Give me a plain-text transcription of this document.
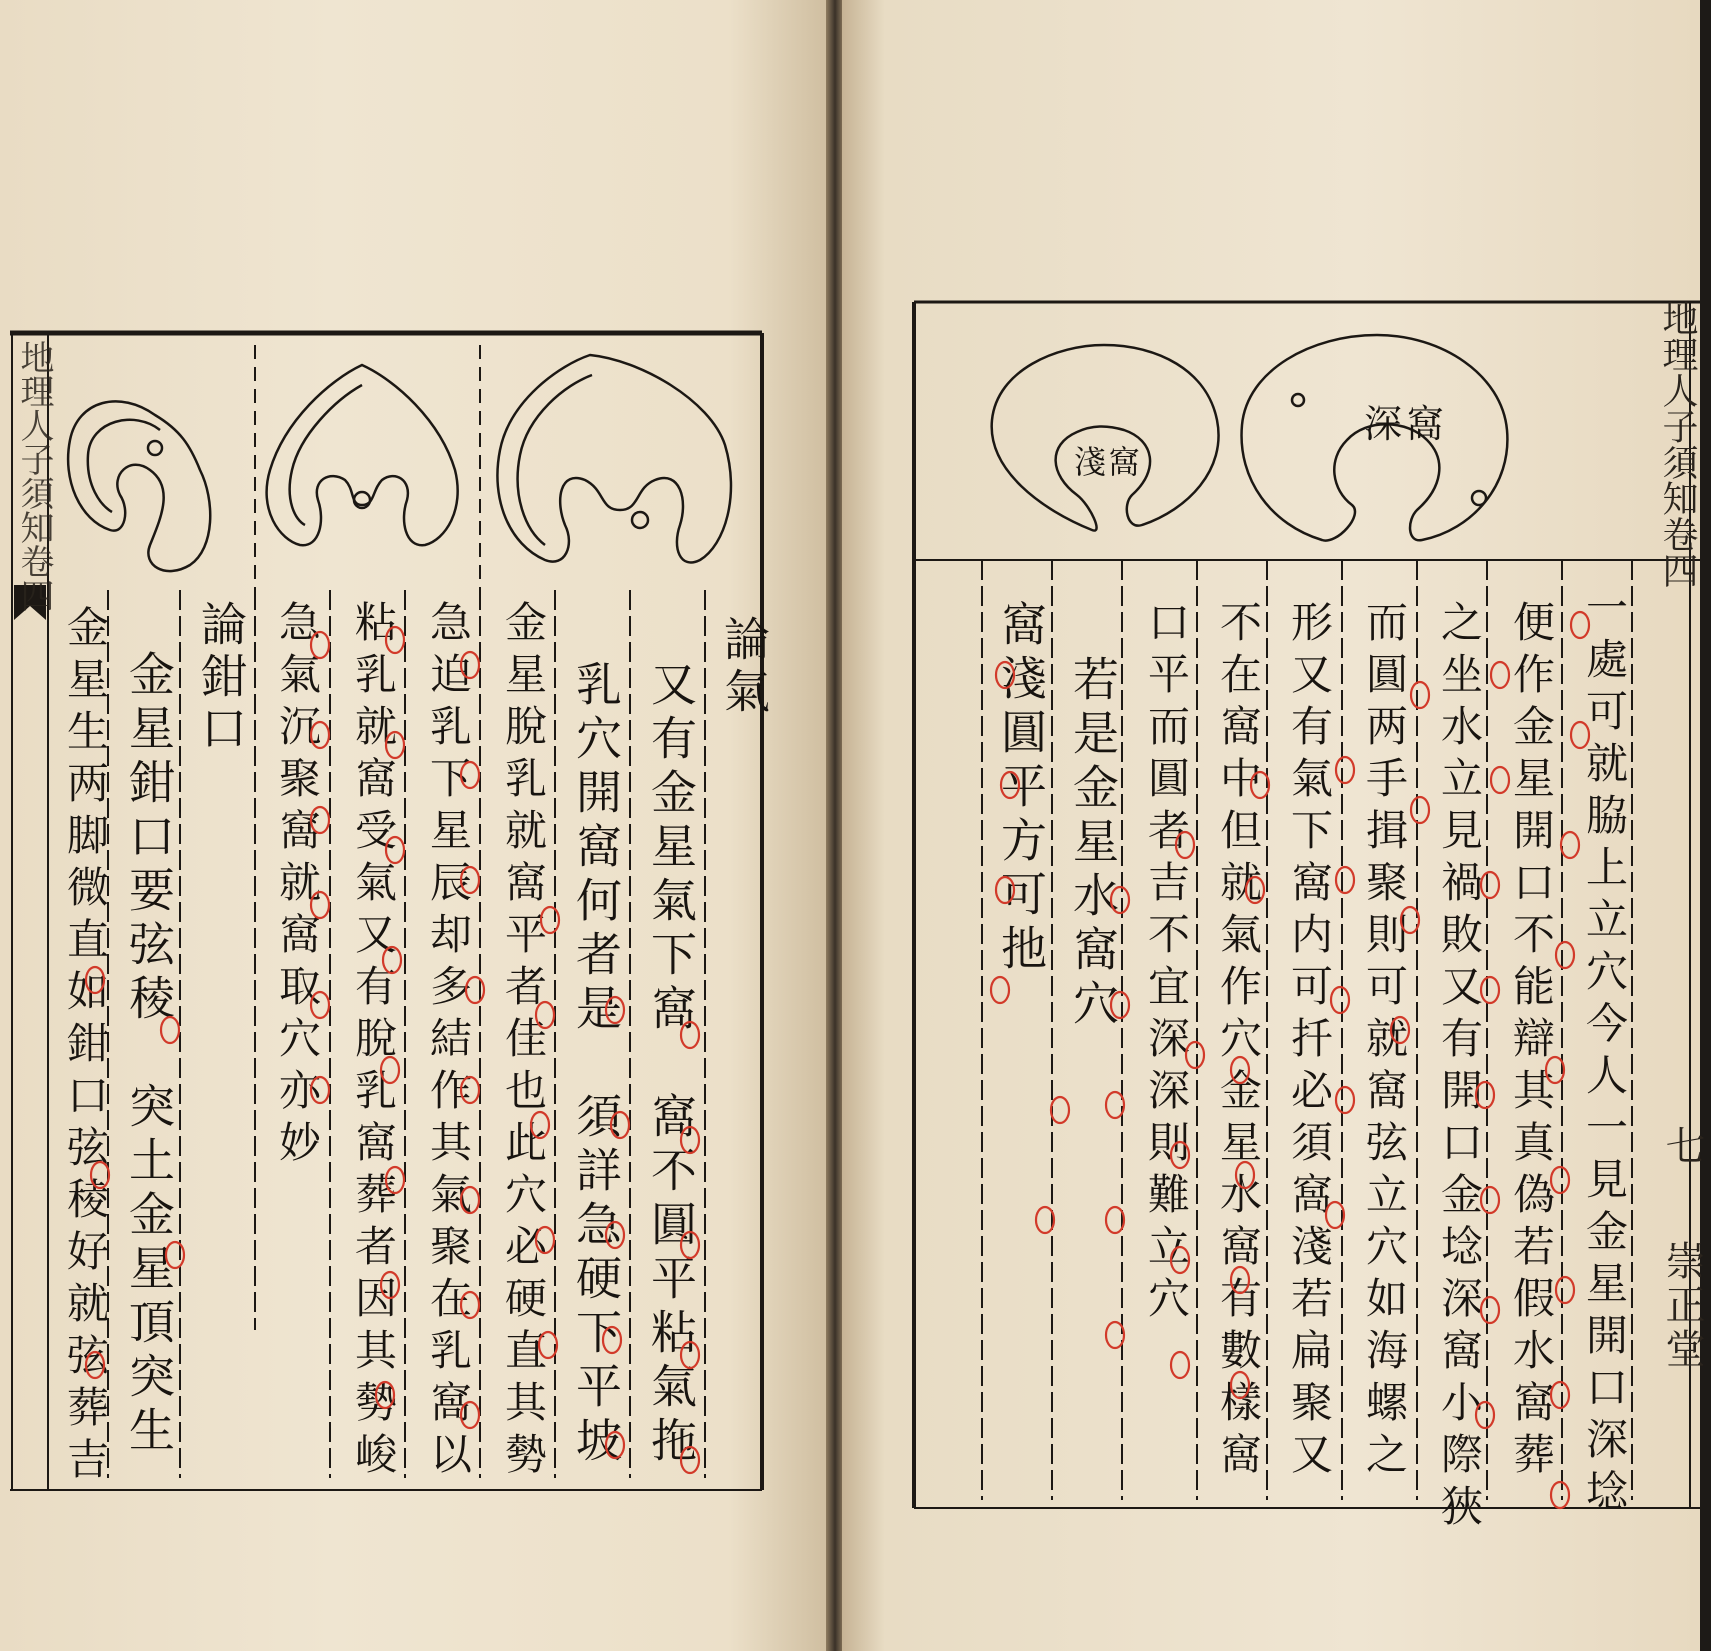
地理人子須知卷四
論氣
又有金星氣下窩　窩不圓平粘氣拖
乳穴開窩何者是　須詳急硬下平坡
金星脫乳就窩平者佳也此穴必硬直其勢
急迫乳下星辰却多結作其氣聚在乳窩以
粘乳就窩受氣又有脫乳窩葬者因其勢峻
急氣沉聚窩就窩取穴亦妙
論鉗口
金星鉗口要弦稜　突土金星頂突生
金星生两脚微直如鉗口弦稜好就弦葬吉
地理人子須知卷四
深窩
淺窩
一處可就脇上立穴今人一見金星開口深埝
便作金星開口不能辯其真偽若假水窩葬
之坐水立見禍敗又有開口金埝深窩小際狹
而圓两手揖聚則可就窩弦立穴如海螺之
形又有氣下窩内可扦必須窩淺若扁聚又
不在窩中但就氣作穴金星水窩有數樣窩
口平而圓者吉不宜深深則難立穴
若是金星水窩穴
窩淺圓平方可扡
七
崇正堂
